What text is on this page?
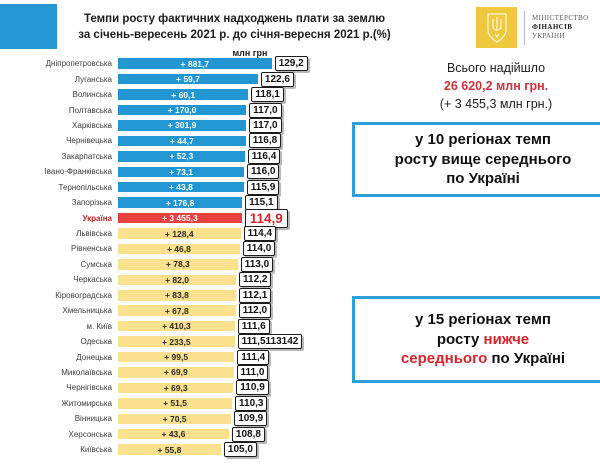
Темпи росту фактичних надходжень плати за землю
за січень-вересень 2021 р. до січня-вересня 2021 р.(%)
МІНІСТЕРСТВО
ФІНАНСІВ
УКРАЇНИ
Всього надійшло
26 620,2 млн грн.
(+ 3 455,3 млн грн.)
у 10 регіонах темп
росту вище середнього
по Україні
у 15 регіонах темп
росту нижче
середнього по Україні
млн грн
Дніпропетровська	+ 881,7	129,2
Луганська	+ 59,7	122,6
Волинська	+ 60,1	118,1
Полтавська	+ 170,0	117,0
Харківська	+ 301,9	117,0
Чернівецька	+ 44,7	116,8
Закарпатська	+ 52,3	116,4
Івано-Франківська	+ 73,1	116,0
Тернопільська	+ 43,8	115,9
Запорізька	+ 176,8	115,1
Україна	+ 3 455,3	114,9
Львівська	+ 128,4	114,4
Рівненська	+ 46,8	114,0
Сумська	+ 78,3	113,0
Черкаська	+ 82,0	112,2
Кіровоградська	+ 83,8	112,1
Хмельницька	+ 67,8	112,0
м. Київ	+ 410,3	111,6
Одеська	+ 233,5	111,5113142
Донецька	+ 99,5	111,4
Миколаївська	+ 69,9	111,0
Чернігівська	+ 69,3	110,9
Житомирська	+ 51,5	110,3
Вінницька	+ 70,5	109,9
Херсонська	+ 43,6	108,8
Київська	+ 55,8	105,0
